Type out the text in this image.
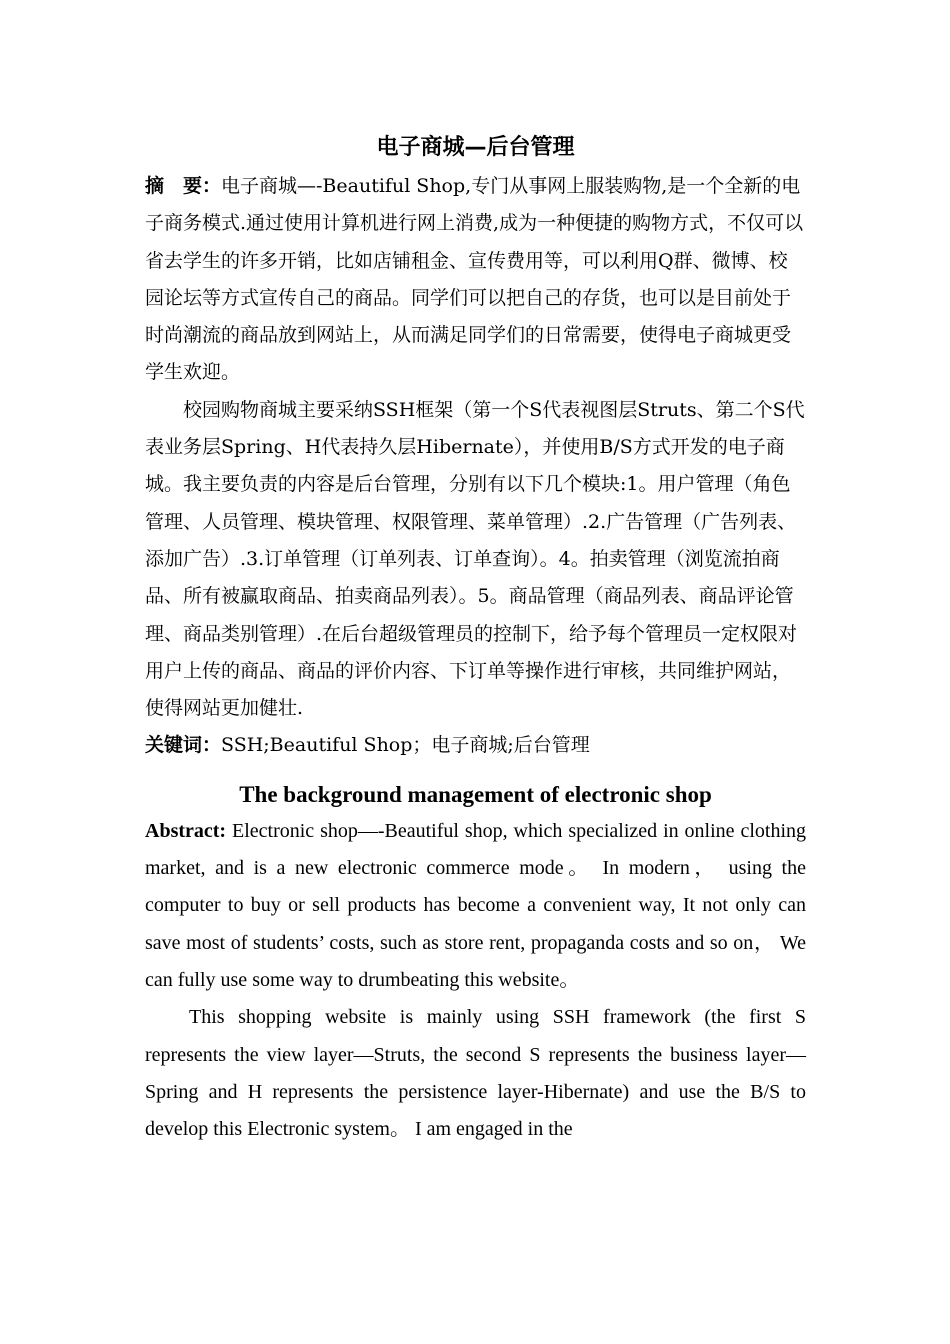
电子商城—后台管理

摘　要：电子商城—-Beautiful Shop,专门从事网上服装购物,是一个全新的电子商务模式.通过使用计算机进行网上消费,成为一种便捷的购物方式，不仅可以省去学生的许多开销，比如店铺租金、宣传费用等，可以利用Q群、微博、校园论坛等方式宣传自己的商品。同学们可以把自己的存货，也可以是目前处于时尚潮流的商品放到网站上，从而满足同学们的日常需要，使得电子商城更受学生欢迎。

校园购物商城主要采纳SSH框架（第一个S代表视图层Struts、第二个S代表业务层Spring、H代表持久层Hibernate），并使用B/S方式开发的电子商城。我主要负责的内容是后台管理，分别有以下几个模块:1。用户管理（角色管理、人员管理、模块管理、权限管理、菜单管理）.2.广告管理（广告列表、添加广告）.3.订单管理（订单列表、订单查询）。4。拍卖管理（浏览流拍商品、所有被赢取商品、拍卖商品列表）。5。商品管理（商品列表、商品评论管理、商品类别管理）.在后台超级管理员的控制下，给予每个管理员一定权限对用户上传的商品、商品的评价内容、下订单等操作进行审核，共同维护网站，使得网站更加健壮.

关键词：SSH;Beautiful Shop；电子商城;后台管理

The background management of electronic shop

Abstract: Electronic shop—-Beautiful shop, which specialized in online clothing market, and is a new electronic commerce mode。 In modern， using the computer to buy or sell products has become a convenient way, It not only can save most of students’ costs, such as store rent, propaganda costs and so on， We can fully use some way to drumbeating this website。

This shopping website is mainly using SSH framework (the first S represents the view layer—Struts, the second S represents the business layer—Spring and H represents the persistence layer-Hibernate) and use the B/S to develop this Electronic system。 I am engaged in the
